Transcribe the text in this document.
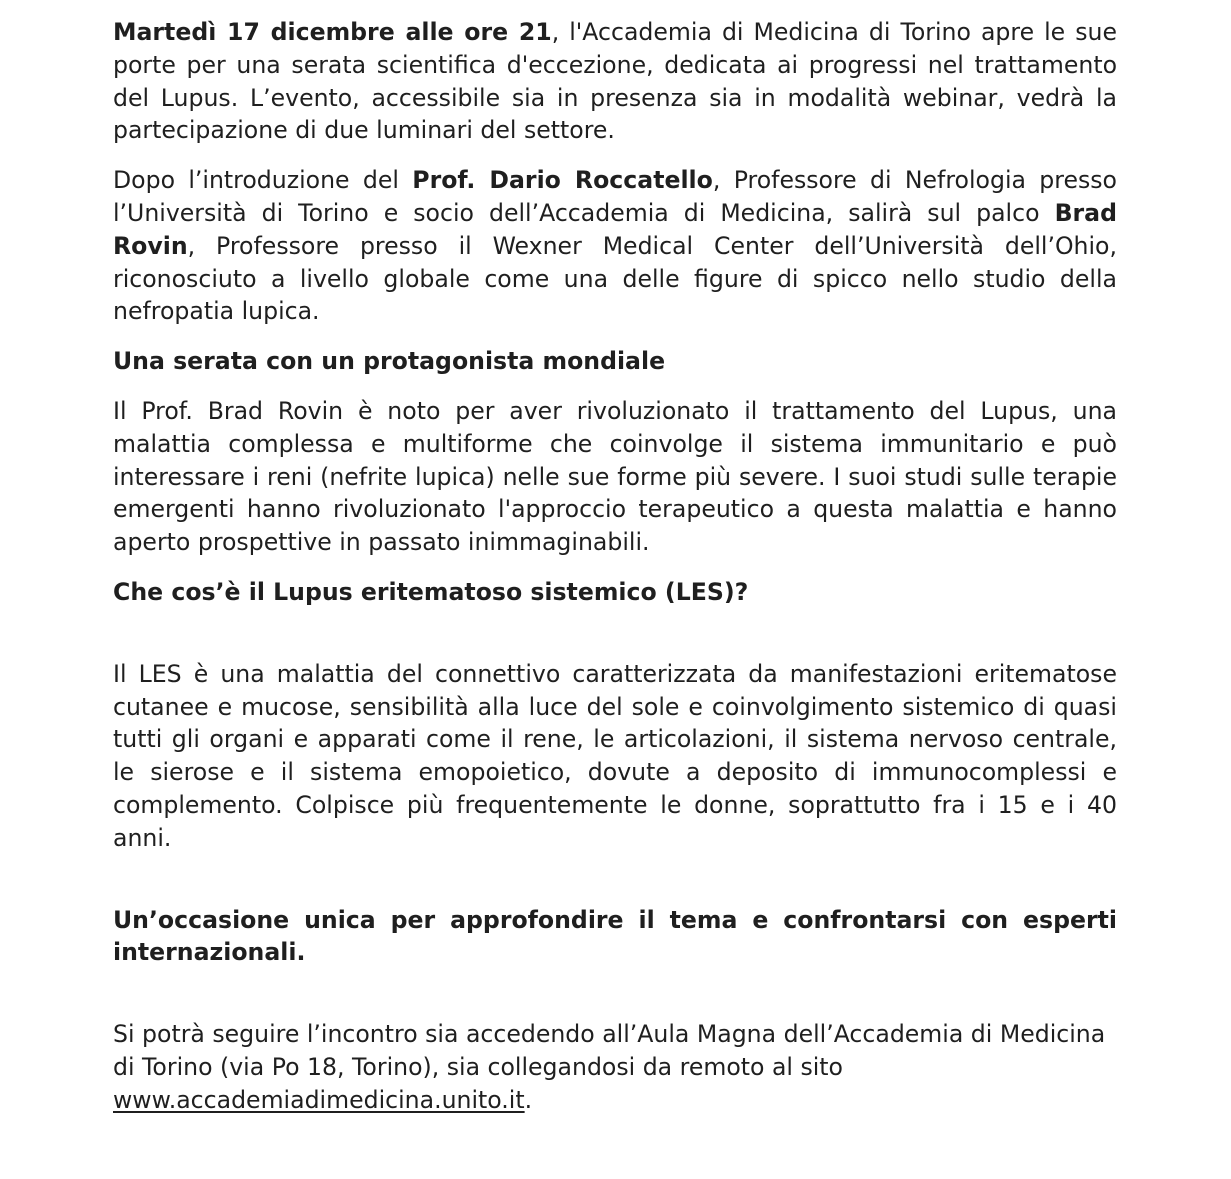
Martedì 17 dicembre alle ore 21, l'Accademia di Medicina di Torino apre le sue porte per una serata scientifica d'eccezione, dedicata ai progressi nel trattamento del Lupus. L’evento, accessibile sia in presenza sia in modalità webinar, vedrà la partecipazione di due luminari del settore.

Dopo l’introduzione del Prof. Dario Roccatello, Professore di Nefrologia presso l’Università di Torino e socio dell’Accademia di Medicina, salirà sul palco Brad Rovin, Professore presso il Wexner Medical Center dell’Università dell’Ohio, riconosciuto a livello globale come una delle figure di spicco nello studio della nefropatia lupica.

Una serata con un protagonista mondiale

Il Prof. Brad Rovin è noto per aver rivoluzionato il trattamento del Lupus, una malattia complessa e multiforme che coinvolge il sistema immunitario e può interessare i reni (nefrite lupica) nelle sue forme più severe. I suoi studi sulle terapie emergenti hanno rivoluzionato l'approccio terapeutico a questa malattia e hanno aperto prospettive in passato inimmaginabili.

Che cos’è il Lupus eritematoso sistemico (LES)?

Il LES è una malattia del connettivo caratterizzata da manifestazioni eritematose cutanee e mucose, sensibilità alla luce del sole e coinvolgimento sistemico di quasi tutti gli organi e apparati come il rene, le articolazioni, il sistema nervoso centrale, le sierose e il sistema emopoietico, dovute a deposito di immunocomplessi e complemento. Colpisce più frequentemente le donne, soprattutto fra i 15 e i 40 anni.

Un’occasione unica per approfondire il tema e confrontarsi con esperti internazionali.

Si potrà seguire l’incontro sia accedendo all’Aula Magna dell’Accademia di Medicina di Torino (via Po 18, Torino), sia collegandosi da remoto al sito www.accademiadimedicina.unito.it.
